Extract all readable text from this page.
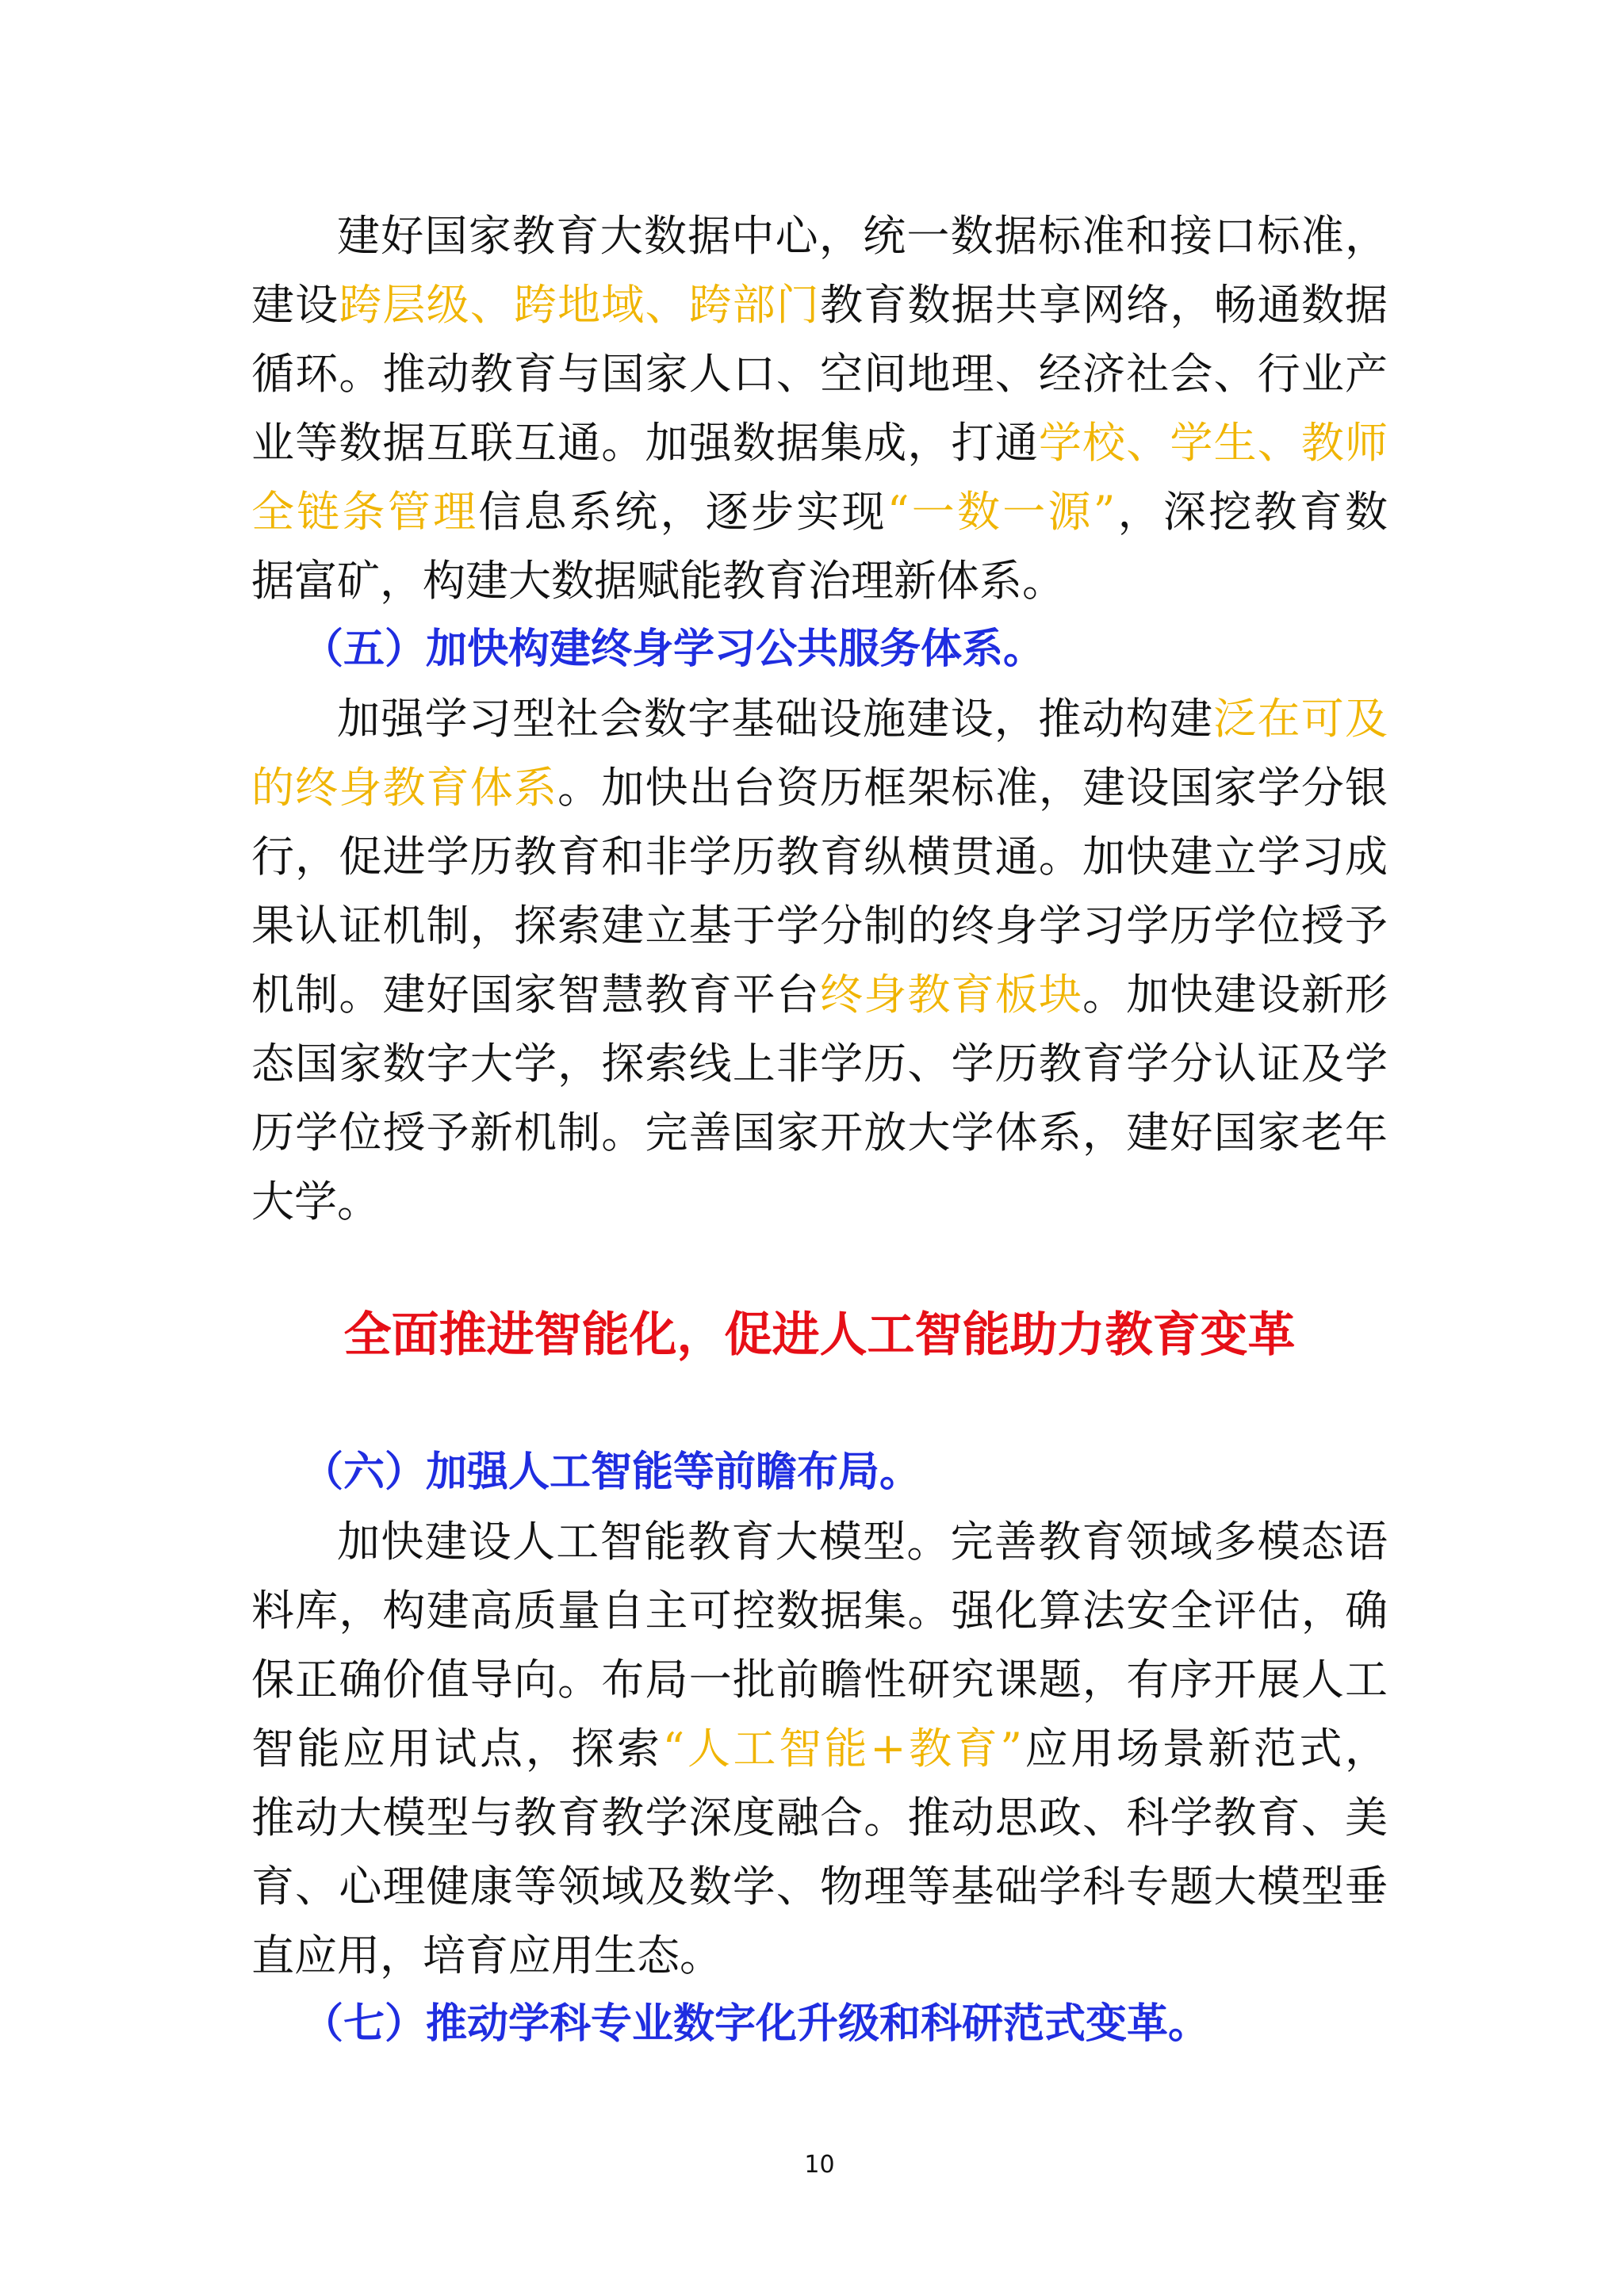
建好国家教育大数据中心，统一数据标准和接口标准，
建设跨层级、跨地域、跨部门教育数据共享网络，畅通数据
循环。推动教育与国家人口、空间地理、经济社会、行业产
业等数据互联互通。加强数据集成，打通学校、学生、教师
全链条管理信息系统，逐步实现“一数一源”，深挖教育数
据富矿，构建大数据赋能教育治理新体系。
（五）加快构建终身学习公共服务体系。
加强学习型社会数字基础设施建设，推动构建泛在可及
的终身教育体系。加快出台资历框架标准，建设国家学分银
行，促进学历教育和非学历教育纵横贯通。加快建立学习成
果认证机制，探索建立基于学分制的终身学习学历学位授予
机制。建好国家智慧教育平台终身教育板块。加快建设新形
态国家数字大学，探索线上非学历、学历教育学分认证及学
历学位授予新机制。完善国家开放大学体系，建好国家老年
大学。
全面推进智能化，促进人工智能助力教育变革
（六）加强人工智能等前瞻布局。
加快建设人工智能教育大模型。完善教育领域多模态语
料库，构建高质量自主可控数据集。强化算法安全评估，确
保正确价值导向。布局一批前瞻性研究课题，有序开展人工
智能应用试点，探索“人工智能+教育”应用场景新范式，
推动大模型与教育教学深度融合。推动思政、科学教育、美
育、心理健康等领域及数学、物理等基础学科专题大模型垂
直应用，培育应用生态。
（七）推动学科专业数字化升级和科研范式变革。
10
